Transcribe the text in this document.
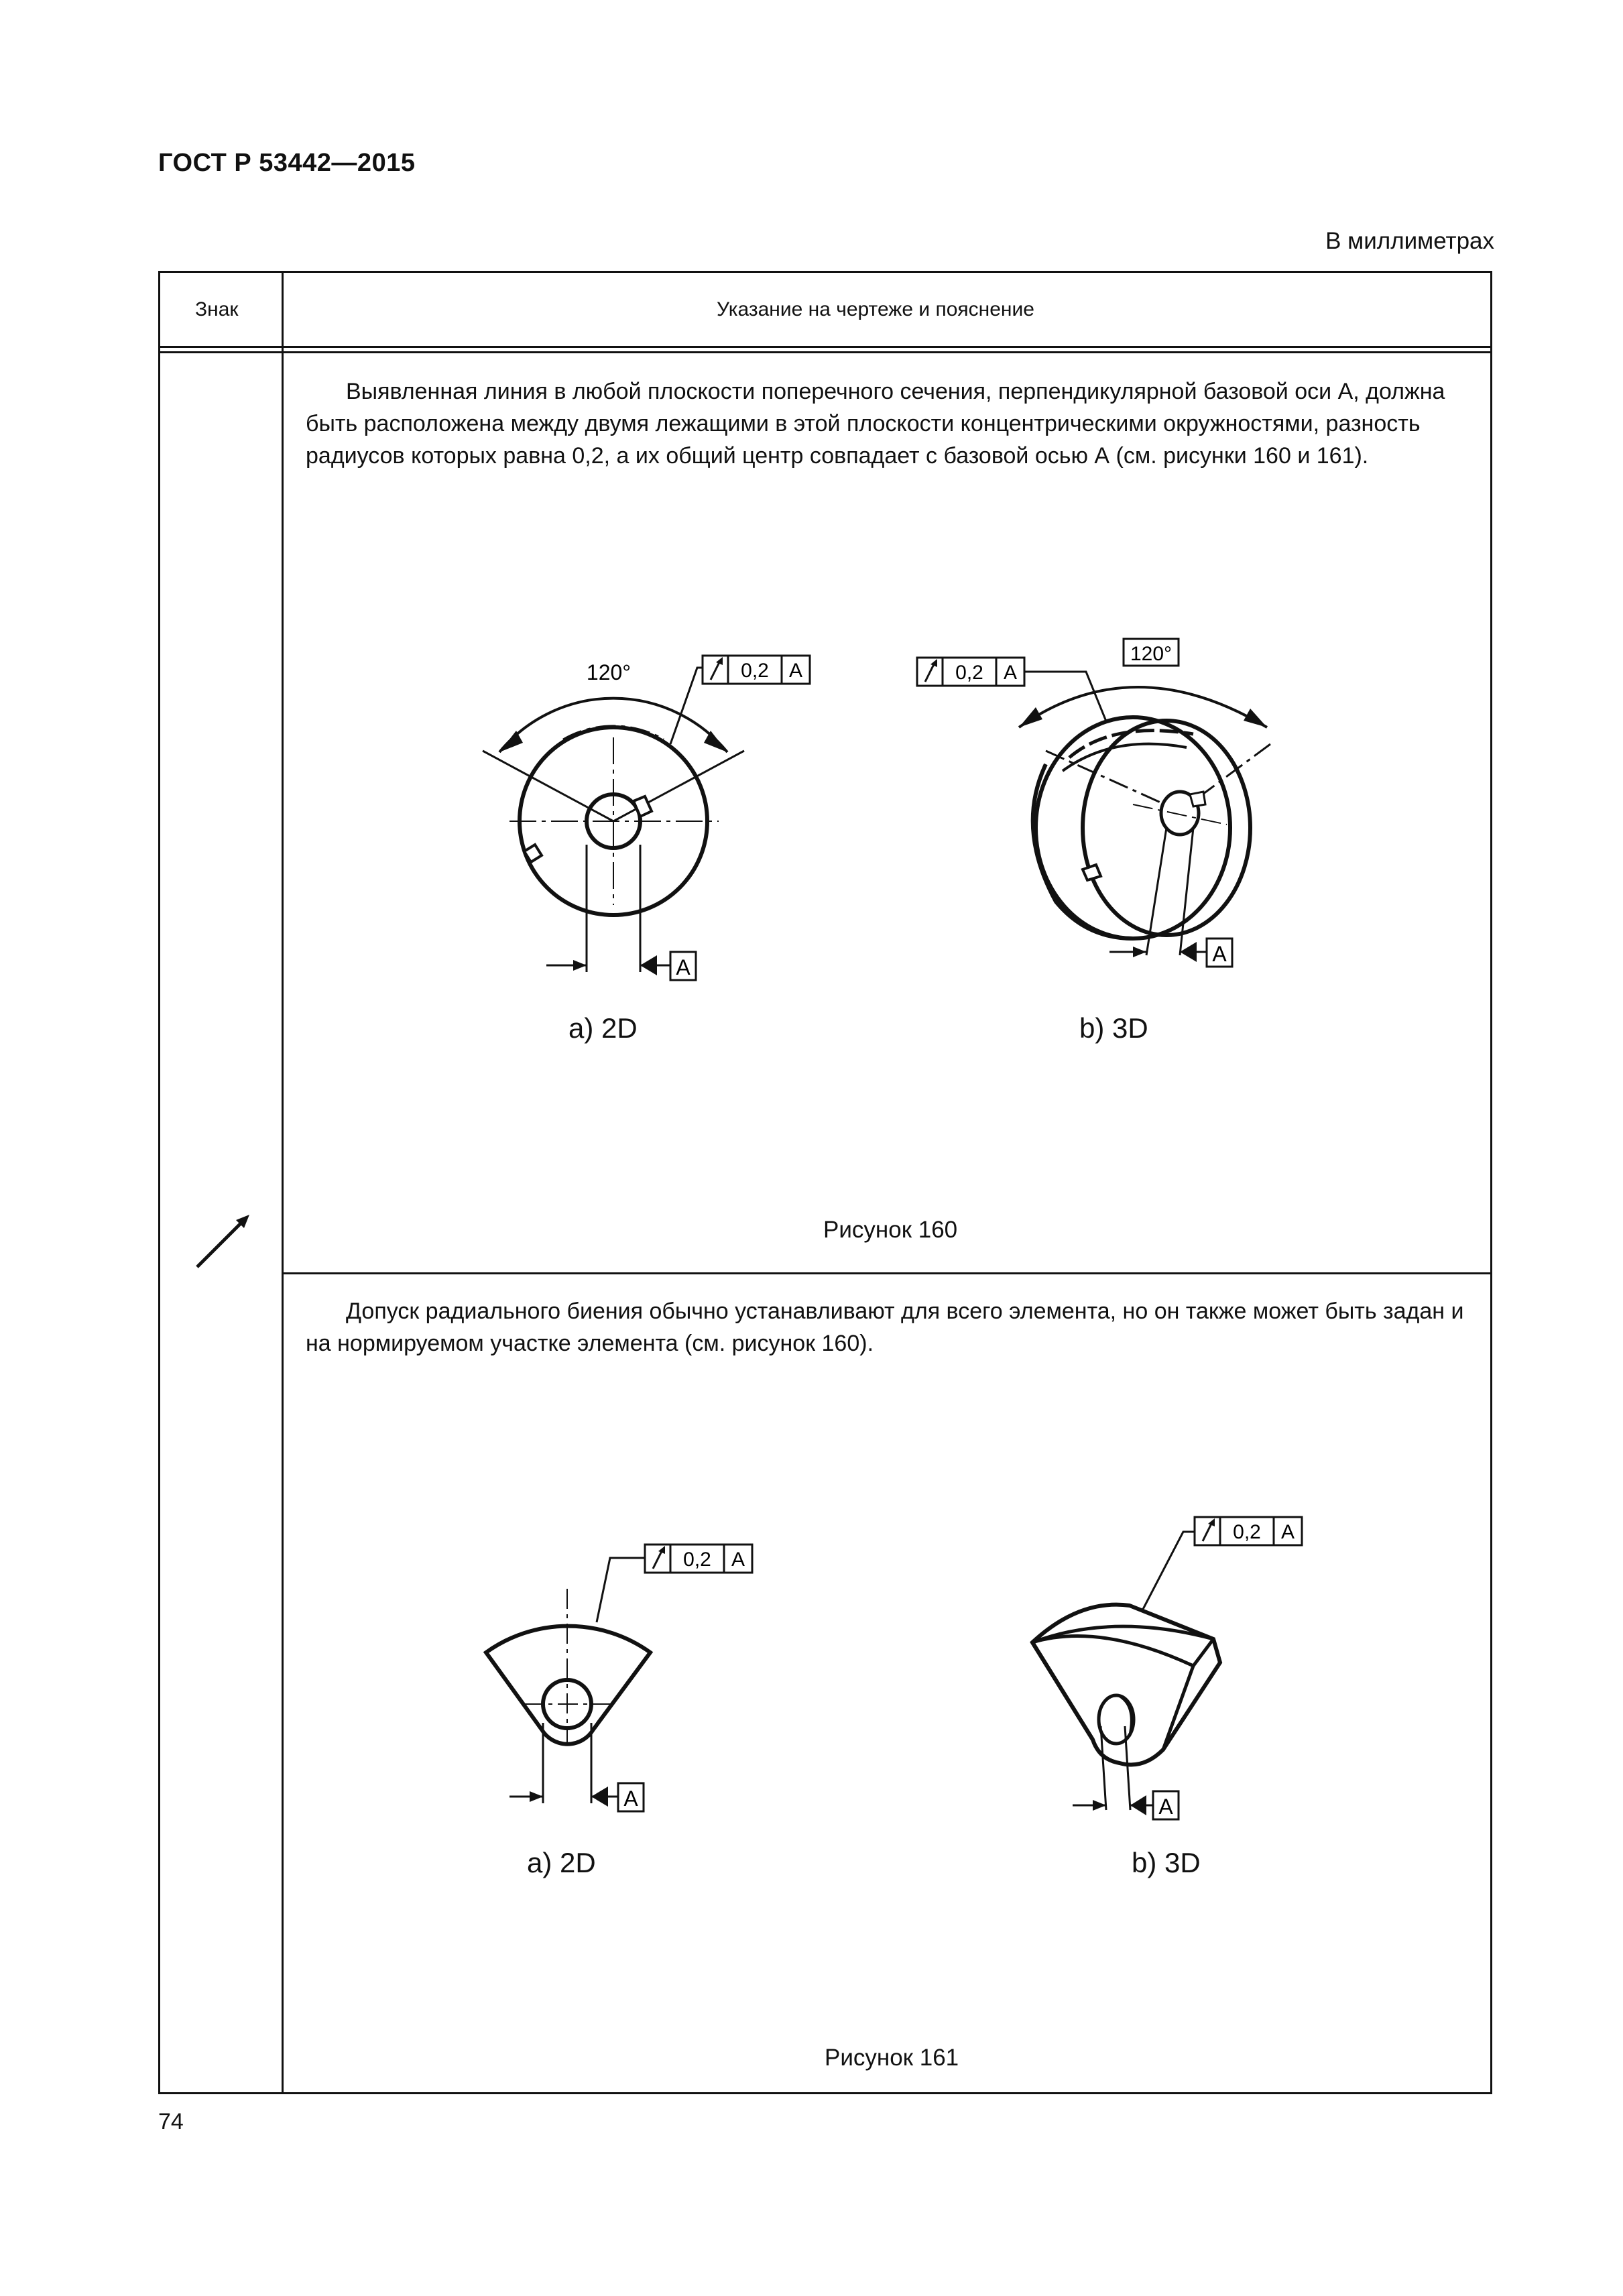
ГОСТ Р 53442—2015
В миллиметрах
Знак	Указание на чертеже и пояснение
Выявленная линия в любой плоскости поперечного сечения, перпендикулярной базовой оси А, должна быть расположена между двумя лежащими в этой плоскости концентрическими окружностями, разность радиусов которых равна 0,2, а их общий центр совпадает с базовой осью А (см. рисунки 160 и 161).
A
0,2 A
120°
a) 2D
120°
0,2 A
A
b) 3D
Рисунок 160
Допуск радиального биения обычно устанавливают для всего элемента, но он также может быть задан и на нормируемом участке элемента (см. рисунок 160).
A
0,2 A
a) 2D
0,2 A
A
b) 3D
Рисунок 161
74
